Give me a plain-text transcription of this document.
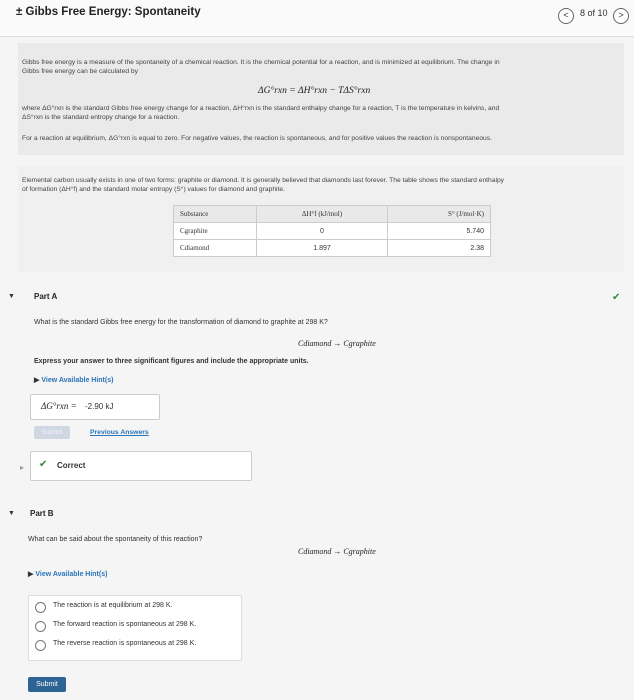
± Gibbs Free Energy: Spontaneity	<	8 of 10	>
Gibbs free energy is a measure of the spontaneity of a chemical reaction. It is the chemical potential for a reaction, and is minimized at equilibrium. The change in
Gibbs free energy can be calculated by
ΔG°rxn = ΔH°rxn − TΔS°rxn
where ΔG°rxn is the standard Gibbs free energy change for a reaction, ΔH°rxn is the standard enthalpy change for a reaction, T is the temperature in kelvins, and
ΔS°rxn is the standard entropy change for a reaction.
For a reaction at equilibrium, ΔG°rxn is equal to zero. For negative values, the reaction is spontaneous, and for positive values the reaction is nonspontaneous.
Elemental carbon usually exists in one of two forms: graphite or diamond. It is generally believed that diamonds last forever. The table shows the standard enthalpy
of formation (ΔH°f) and the standard molar entropy (S°) values for diamond and graphite.
Substance	ΔH°f (kJ/mol)	S° (J/mol·K)
Cgraphite	0	5.740
Cdiamond	1.897	2.38
▼ Part A	✔
What is the standard Gibbs free energy for the transformation of diamond to graphite at 298 K?
Cdiamond → Cgraphite
Express your answer to three significant figures and include the appropriate units.
▶ View Available Hint(s)
ΔG°rxn = -2.90 kJ
Submit	Previous Answers
▸ ✔ Correct
▼ Part B
What can be said about the spontaneity of this reaction?
Cdiamond → Cgraphite
▶ View Available Hint(s)
The reaction is at equilibrium at 298 K.
The forward reaction is spontaneous at 298 K.
The reverse reaction is spontaneous at 298 K.
Submit
